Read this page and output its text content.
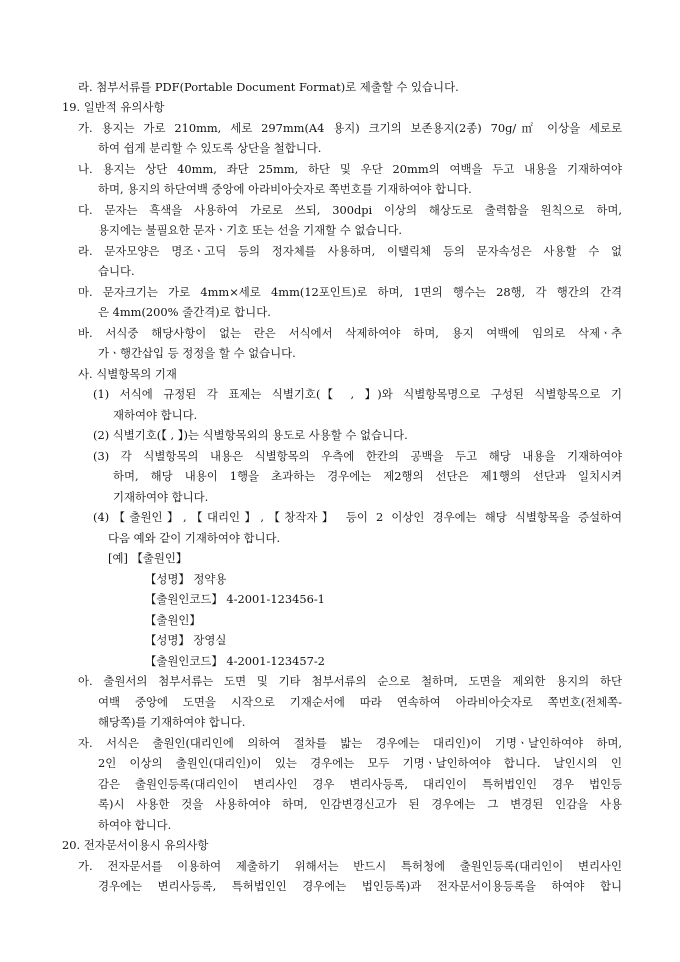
라. 첨부서류를 PDF(Portable Document Format)로 제출할 수 있습니다.

19. 일반적 유의사항

가. 용지는 가로 210mm, 세로 297mm(A4 용지) 크기의 보존용지(2종) 70g/㎡ 이상을 세로로

하여 쉽게 분리할 수 있도록 상단을 철합니다.

나. 용지는 상단 40mm, 좌단 25mm, 하단 및 우단 20mm의 여백을 두고 내용을 기재하여야

하며, 용지의 하단여백 중앙에 아라비아숫자로 쪽번호를 기재하여야 합니다.

다. 문자는 흑색을 사용하여 가로로 쓰되, 300dpi 이상의 해상도로 출력함을 원칙으로 하며,

용지에는 불필요한 문자ㆍ기호 또는 선을 기재할 수 없습니다.

라. 문자모양은 명조ㆍ고딕 등의 정자체를 사용하며, 이탤릭체 등의 문자속성은 사용할 수 없

습니다.

마. 문자크기는 가로 4mm×세로 4mm(12포인트)로 하며, 1면의 행수는 28행, 각 행간의 간격

은 4mm(200% 줄간격)로 합니다.

바. 서식중 해당사항이 없는 란은 서식에서 삭제하여야 하며, 용지 여백에 임의로 삭제ㆍ추

가ㆍ행간삽입 등 정정을 할 수 없습니다.

사. 식별항목의 기재

(1) 서식에 규정된 각 표제는 식별기호(【 , 】)와 식별항목명으로 구성된 식별항목으로 기

재하여야 합니다.

(2) 식별기호(【 , 】)는 식별항목외의 용도로 사용할 수 없습니다.

(3) 각 식별항목의 내용은 식별항목의 우측에 한칸의 공백을 두고 해당 내용을 기재하여야

하며, 해당 내용이 1행을 초과하는 경우에는 제2행의 선단은 제1행의 선단과 일치시켜

기재하여야 합니다.

(4)【출원인】,【대리인】,【창작자】 등이 2 이상인 경우에는 해당 식별항목을 증설하여

다음 예와 같이 기재하여야 합니다.

[예] 【출원인】

【성명】 정약용

【출원인코드】 4-2001-123456-1

【출원인】

【성명】 장영실

【출원인코드】 4-2001-123457-2

아. 출원서의 첨부서류는 도면 및 기타 첨부서류의 순으로 철하며, 도면을 제외한 용지의 하단

여백 중앙에 도면을 시작으로 기재순서에 따라 연속하여 아라비아숫자로 쪽번호(전체쪽-

해당쪽)를 기재하여야 합니다.

자. 서식은 출원인(대리인에 의하여 절차를 밟는 경우에는 대리인)이 기명ㆍ날인하여야 하며,

2인 이상의 출원인(대리인)이 있는 경우에는 모두 기명ㆍ날인하여야 합니다. 날인시의 인

감은 출원인등록(대리인이 변리사인 경우 변리사등록, 대리인이 특허법인인 경우 법인등

록)시 사용한 것을 사용하여야 하며, 인감변경신고가 된 경우에는 그 변경된 인감을 사용

하여야 합니다.

20. 전자문서이용시 유의사항

가. 전자문서를 이용하여 제출하기 위해서는 반드시 특허청에 출원인등록(대리인이 변리사인

경우에는 변리사등록, 특허법인인 경우에는 법인등록)과 전자문서이용등록을 하여야 합니
